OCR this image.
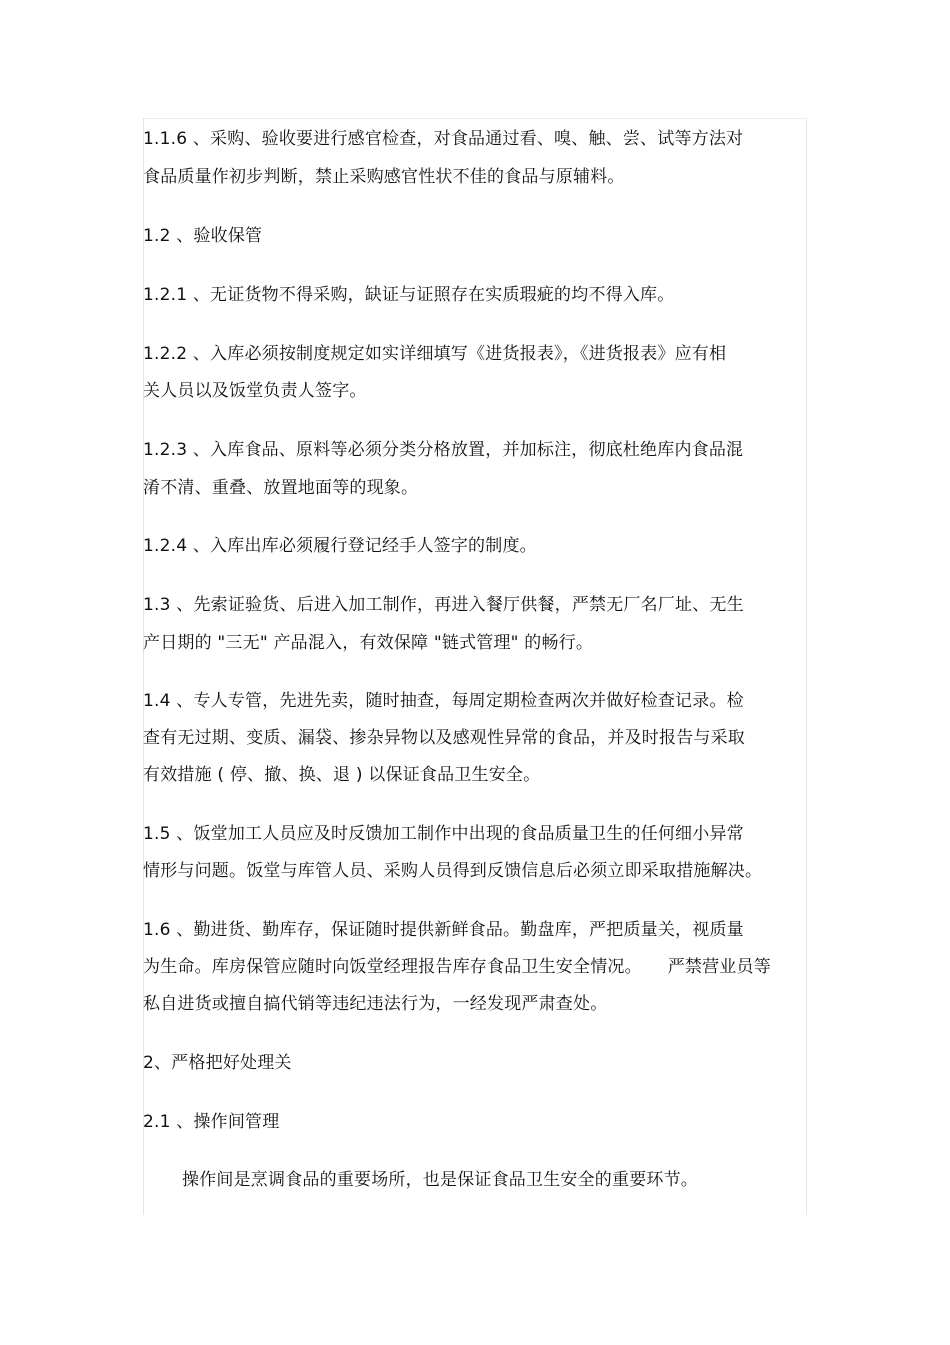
1.1.6 、采购、验收要进行感官检查，对食品通过看、嗅、触、尝、试等方法对

食品质量作初步判断，禁止采购感官性状不佳的食品与原辅料。

1.2 、验收保管

1.2.1 、无证货物不得采购，缺证与证照存在实质瑕疵的均不得入库。

1.2.2 、入库必须按制度规定如实详细填写《进货报表》，《进货报表》应有相

关人员以及饭堂负责人签字。

1.2.3 、入库食品、原料等必须分类分格放置，并加标注，彻底杜绝库内食品混

淆不清、重叠、放置地面等的现象。

1.2.4 、入库出库必须履行登记经手人签字的制度。

1.3 、先索证验货、后进入加工制作，再进入餐厅供餐，严禁无厂名厂址、无生

产日期的 "三无" 产品混入，有效保障 "链式管理" 的畅行。

1.4 、专人专管，先进先卖，随时抽查，每周定期检查两次并做好检查记录。检

查有无过期、变质、漏袋、掺杂异物以及感观性异常的食品，并及时报告与采取

有效措施 ( 停、撤、换、退 ) 以保证食品卫生安全。

1.5 、饭堂加工人员应及时反馈加工制作中出现的食品质量卫生的任何细小异常

情形与问题。饭堂与库管人员、采购人员得到反馈信息后必须立即采取措施解决。

1.6 、勤进货、勤库存，保证随时提供新鲜食品。勤盘库，严把质量关，视质量

为生命。库房保管应随时向饭堂经理报告库存食品卫生安全情况。　　严禁营业员等

私自进货或擅自搞代销等违纪违法行为，一经发现严肃查处。

2、严格把好处理关

2.1 、操作间管理

操作间是烹调食品的重要场所，也是保证食品卫生安全的重要环节。
